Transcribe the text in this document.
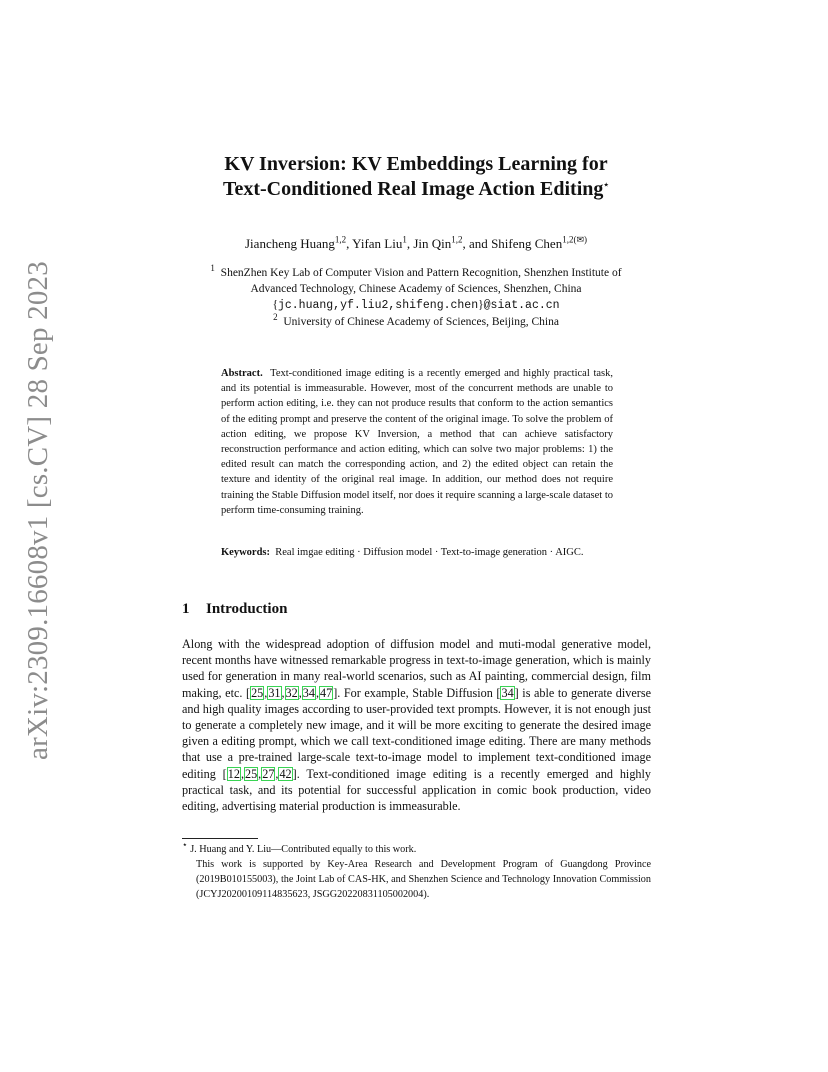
arXiv:2309.16608v1 [cs.CV] 28 Sep 2023
KV Inversion: KV Embeddings Learning for
Text-Conditioned Real Image Action Editing⋆
Jiancheng Huang$^{1,2}$, Yifan Liu$^1$, Jin Qin$^{1,2}$, and Shifeng Chen$^{1,2(✉)}$
$^1$ ShenZhen Key Lab of Computer Vision and Pattern Recognition, Shenzhen Institute of
Advanced Technology, Chinese Academy of Sciences, Shenzhen, China
{jc.huang,yf.liu2,shifeng.chen}@siat.ac.cn
$^2$ University of Chinese Academy of Sciences, Beijing, China
Abstract. Text-conditioned image editing is a recently emerged and highly practical task, and its potential is immeasurable. However, most of the concurrent methods are unable to perform action editing, i.e. they can not produce results that conform to the action semantics of the editing prompt and preserve the content of the original image. To solve the problem of action editing, we propose KV Inversion, a method that can achieve satisfactory reconstruction performance and action editing, which can solve two major problems: 1) the edited result can match the corresponding action, and 2) the edited object can retain the texture and identity of the original real image. In addition, our method does not require training the Stable Diffusion model itself, nor does it require scanning a large-scale dataset to perform time-consuming training.
Keywords: Real imgae editing · Diffusion model · Text-to-image generation · AIGC.
1 Introduction
Along with the widespread adoption of diffusion model and muti-modal generative model, recent months have witnessed remarkable progress in text-to-image generation, which is mainly used for generation in many real-world scenarios, such as AI painting, commercial design, film making, etc. [25,31,32,34,47]. For example, Stable Diffusion [34] is able to generate diverse and high quality images according to user-provided text prompts. However, it is not enough just to generate a completely new image, and it will be more exciting to generate the desired image given a editing prompt, which we call text-conditioned image editing. There are many methods that use a pre-trained large-scale text-to-image model to implement text-conditioned image editing [12,25,27,42]. Text-conditioned image editing is a recently emerged and highly practical task, and its potential for successful application in comic book production, video editing, advertising material production is immeasurable.
⋆ J. Huang and Y. Liu—Contributed equally to this work.
This work is supported by Key-Area Research and Development Program of Guangdong Province (2019B010155003), the Joint Lab of CAS-HK, and Shenzhen Science and Technology Innovation Commission (JCYJ20200109114835623, JSGG20220831105002004).
